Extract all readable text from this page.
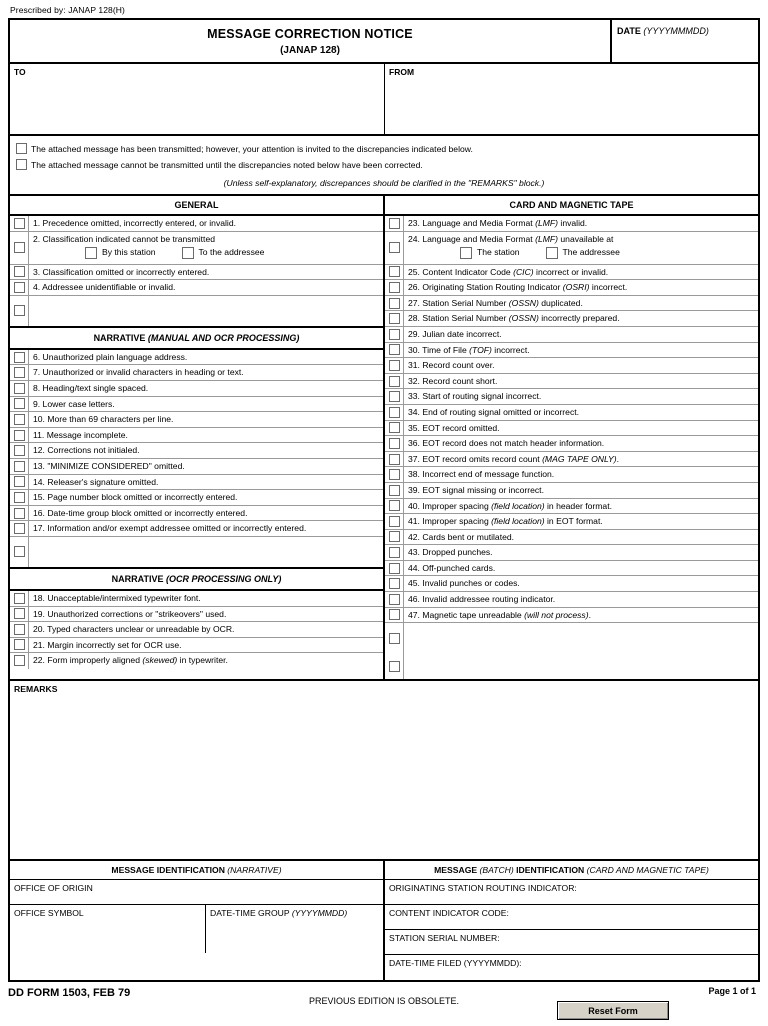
Prescribed by: JANAP 128(H)
MESSAGE CORRECTION NOTICE
(JANAP 128)
DATE (YYYYMMMDD)
TO	FROM
The attached message has been transmitted; however, your attention is invited to the discrepancies indicated below.
The attached message cannot be transmitted until the discrepancies noted below have been corrected.
(Unless self-explanatory, discrepances should be clarified in the "REMARKS" block.)
GENERAL
1. Precedence omitted, incorrectly entered, or invalid.
2. Classification indicated cannot be transmitted
By this station	To the addressee
3. Classification omitted or incorrectly entered.
4. Addressee unidentifiable or invalid.
NARRATIVE (MANUAL AND OCR PROCESSING)
6. Unauthorized plain language address.
7. Unauthorized or invalid characters in heading or text.
8. Heading/text single spaced.
9. Lower case letters.
10. More than 69 characters per line.
11. Message incomplete.
12. Corrections not initialed.
13. "MINIMIZE CONSIDERED" omitted.
14. Releaser's signature omitted.
15. Page number block omitted or incorrectly entered.
16. Date-time group block omitted or incorrectly entered.
17. Information and/or exempt addressee omitted or incorrectly entered.
NARRATIVE (OCR PROCESSING ONLY)
18. Unacceptable/intermixed typewriter font.
19. Unauthorized corrections or "strikeovers" used.
20. Typed characters unclear or unreadable by OCR.
21. Margin incorrectly set for OCR use.
22. Form improperly aligned (skewed) in typewriter.
CARD AND MAGNETIC TAPE
23. Language and Media Format (LMF) invalid.
24. Language and Media Format (LMF) unavailable at
The station	The addressee
25. Content Indicator Code (CIC) incorrect or invalid.
26. Originating Station Routing Indicator (OSRI) incorrect.
27. Station Serial Number (OSSN) duplicated.
28. Station Serial Number (OSSN) incorrectly prepared.
29. Julian date incorrect.
30. Time of File (TOF) incorrect.
31. Record count over.
32. Record count short.
33. Start of routing signal incorrect.
34. End of routing signal omitted or incorrect.
35. EOT record omitted.
36. EOT record does not match header information.
37. EOT record omits record count (MAG TAPE ONLY).
38. Incorrect end of message function.
39. EOT signal missing or incorrect.
40. Improper spacing (field location) in header format.
41. Improper spacing (field location) in EOT format.
42. Cards bent or mutilated.
43. Dropped punches.
44. Off-punched cards.
45. Invalid punches or codes.
46. Invalid addressee routing indicator.
47. Magnetic tape unreadable (will not process).
REMARKS
MESSAGE IDENTIFICATION (NARRATIVE)
OFFICE OF ORIGIN
OFFICE SYMBOL	DATE-TIME GROUP (YYYYMMDD)
MESSAGE (BATCH) IDENTIFICATION (CARD AND MAGNETIC TAPE)
ORIGINATING STATION ROUTING INDICATOR:
CONTENT INDICATOR CODE:
STATION SERIAL NUMBER:
DATE-TIME FILED (YYYYMMDD):
DD FORM 1503, FEB 79
PREVIOUS EDITION IS OBSOLETE.
Reset Form
Page 1 of 1
